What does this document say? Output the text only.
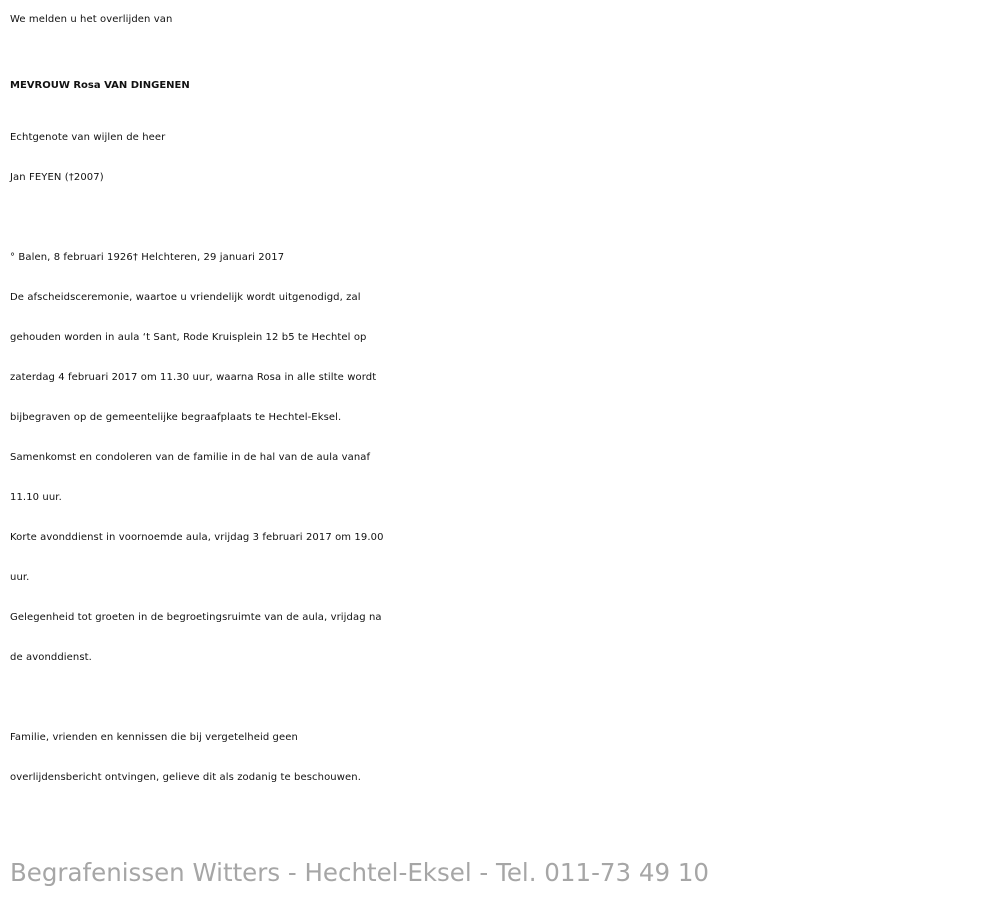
We melden u het overlijden van
MEVROUW Rosa VAN DINGENEN
Echtgenote van wijlen de heer
Jan FEYEN (†2007)
° Balen, 8 februari 1926† Helchteren, 29 januari 2017
De afscheidsceremonie, waartoe u vriendelijk wordt uitgenodigd, zal
gehouden worden in aula ‘t Sant, Rode Kruisplein 12 b5 te Hechtel op
zaterdag 4 februari 2017 om 11.30 uur, waarna Rosa in alle stilte wordt
bijbegraven op de gemeentelijke begraafplaats te Hechtel-Eksel.
Samenkomst en condoleren van de familie in de hal van de aula vanaf
11.10 uur.
Korte avonddienst in voornoemde aula, vrijdag 3 februari 2017 om 19.00
uur.
Gelegenheid tot groeten in de begroetingsruimte van de aula, vrijdag na
de avonddienst.
Familie, vrienden en kennissen die bij vergetelheid geen
overlijdensbericht ontvingen, gelieve dit als zodanig te beschouwen.
Begrafenissen Witters - Hechtel-Eksel - Tel. 011-73 49 10
